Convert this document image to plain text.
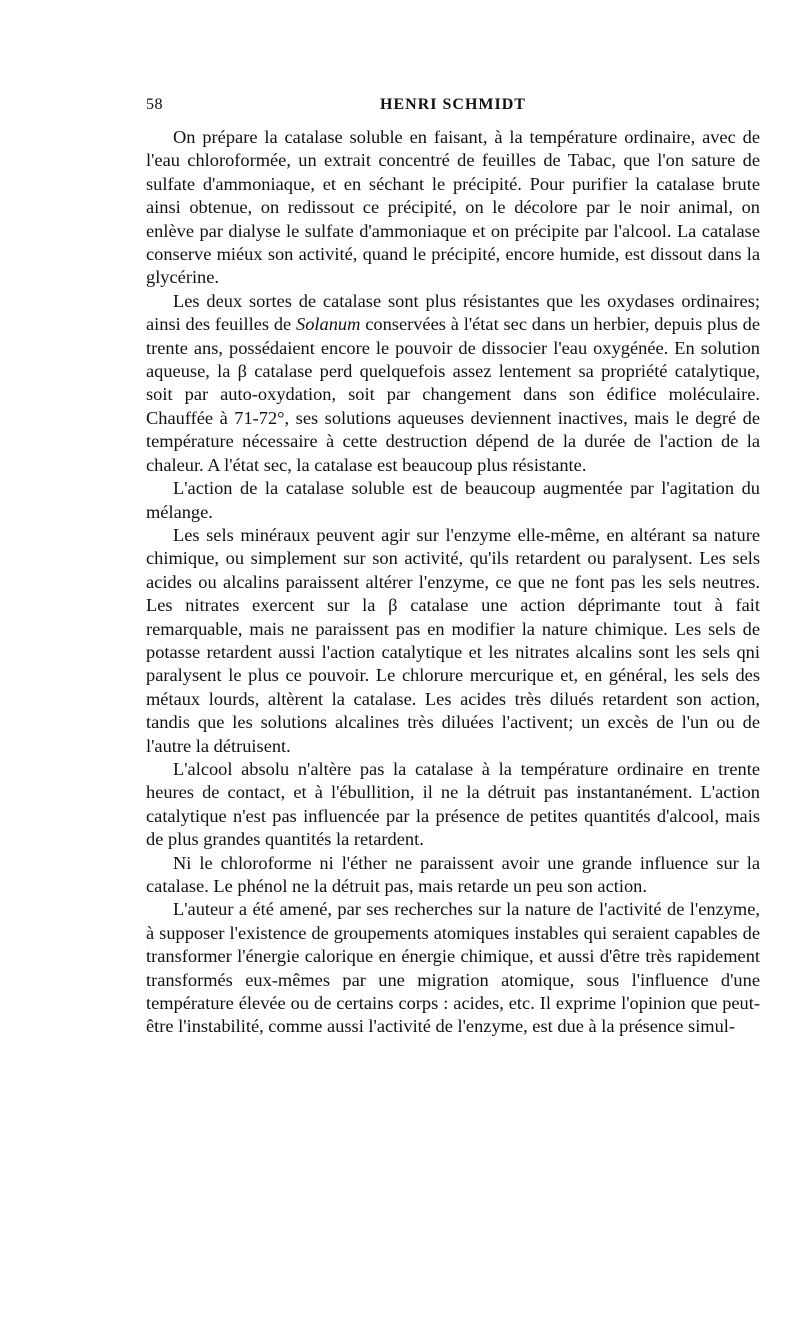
58	HENRI SCHMIDT

On prépare la catalase soluble en faisant, à la température ordinaire, avec de l'eau chloroformée, un extrait concentré de feuilles de Tabac, que l'on sature de sulfate d'ammoniaque, et en séchant le précipité. Pour purifier la catalase brute ainsi obtenue, on redissout ce précipité, on le décolore par le noir animal, on enlève par dialyse le sulfate d'ammoniaque et on précipite par l'alcool. La catalase conserve miéux son activité, quand le précipité, encore humide, est dissout dans la glycérine.

Les deux sortes de catalase sont plus résistantes que les oxydases ordinaires; ainsi des feuilles de Solanum conservées à l'état sec dans un herbier, depuis plus de trente ans, possédaient encore le pouvoir de dissocier l'eau oxygénée. En solution aqueuse, la β catalase perd quelquefois assez lentement sa propriété catalytique, soit par auto-oxydation, soit par changement dans son édifice moléculaire. Chauffée à 71-72°, ses solutions aqueuses deviennent inactives, mais le degré de température nécessaire à cette destruction dépend de la durée de l'action de la chaleur. A l'état sec, la catalase est beaucoup plus résistante.

L'action de la catalase soluble est de beaucoup augmentée par l'agitation du mélange.

Les sels minéraux peuvent agir sur l'enzyme elle-même, en altérant sa nature chimique, ou simplement sur son activité, qu'ils retardent ou paralysent. Les sels acides ou alcalins paraissent altérer l'enzyme, ce que ne font pas les sels neutres. Les nitrates exercent sur la β catalase une action déprimante tout à fait remarquable, mais ne paraissent pas en modifier la nature chimique. Les sels de potasse retardent aussi l'action catalytique et les nitrates alcalins sont les sels qni paralysent le plus ce pouvoir. Le chlorure mercurique et, en général, les sels des métaux lourds, altèrent la catalase. Les acides très dilués retardent son action, tandis que les solutions alcalines très diluées l'activent; un excès de l'un ou de l'autre la détruisent.

L'alcool absolu n'altère pas la catalase à la température ordinaire en trente heures de contact, et à l'ébullition, il ne la détruit pas instantanément. L'action catalytique n'est pas influencée par la présence de petites quantités d'alcool, mais de plus grandes quantités la retardent.

Ni le chloroforme ni l'éther ne paraissent avoir une grande influence sur la catalase. Le phénol ne la détruit pas, mais retarde un peu son action.

L'auteur a été amené, par ses recherches sur la nature de l'activité de l'enzyme, à supposer l'existence de groupements atomiques instables qui seraient capables de transformer l'énergie calorique en énergie chimique, et aussi d'être très rapidement transformés eux-mêmes par une migration atomique, sous l'influence d'une température élevée ou de certains corps : acides, etc. Il exprime l'opinion que peut-être l'instabilité, comme aussi l'activité de l'enzyme, est due à la présence simul-
